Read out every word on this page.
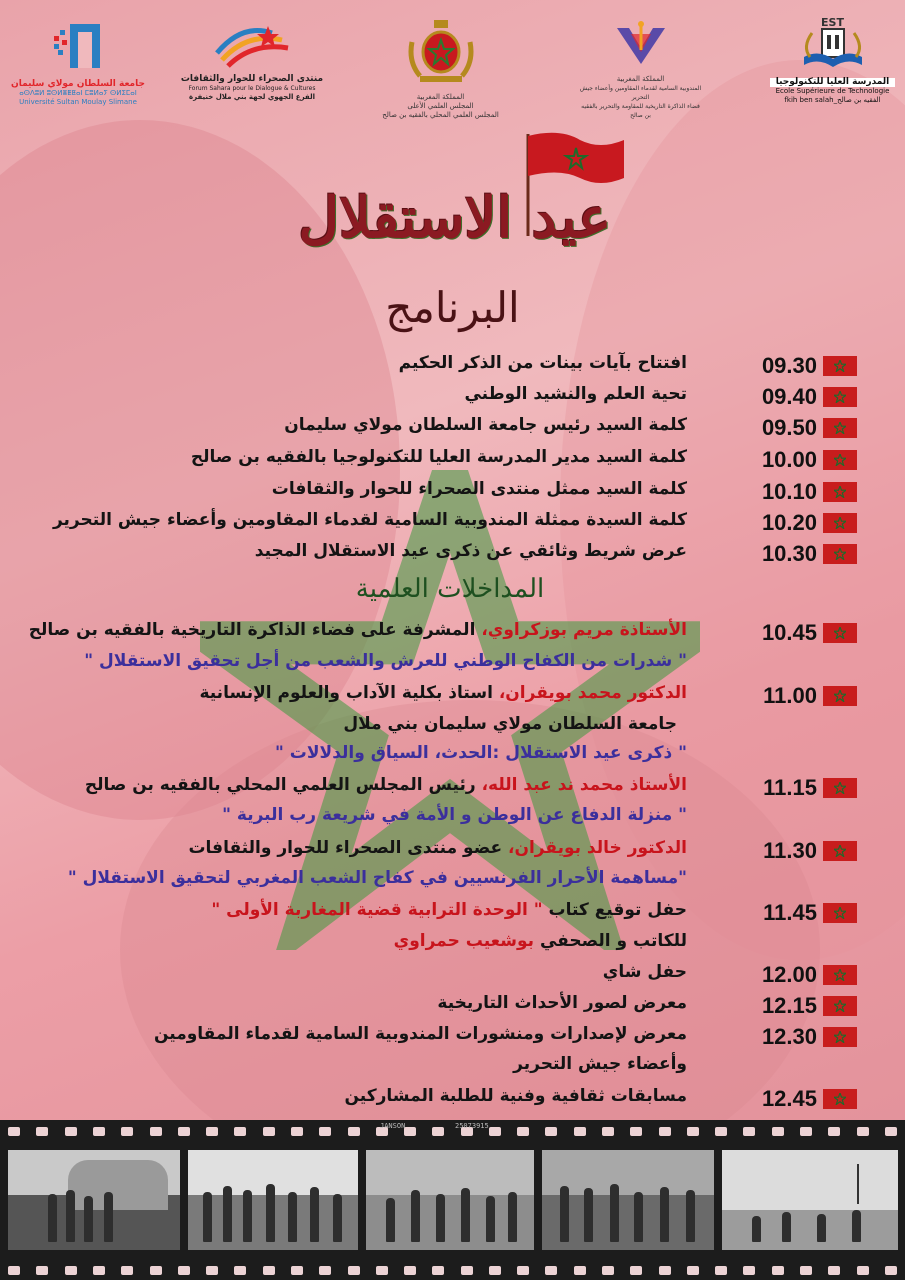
جامعة السلطان مولاي سليمان
ⴰⵙⴷⵓⵍ ⵓⵙⵍⴻⵟⵟⴰⵏ ⵎⵓⵍⴰⵢ ⵙⵍⵉⵎⴰⵏ
Université Sultan Moulay Slimane
منتدى الصحراء للحوار والثقافات
Forum Sahara pour le Dialogue & Cultures
الفرع الجهوي لجهة بني ملال خنيفرة	المملكة المغربية
المجلس العلمي الأعلى
المجلس العلمي المحلي بالفقيه بن صالح
المملكة المغربية
المندوبية السامية لقدماء المقاومين وأعضاء جيش التحرير
فضاء الذاكرة التاريخية للمقاومة والتحرير بالفقيه بن صالح
EST
المدرسة العليا للتكنولوجيا
Ecole Supérieure de Technologie
fkih ben salah_الفقيه بن صالح
عيد الاستقلال
البرنامج
09.30
افتتاح بآيات بينات من الذكر الحكيم
09.40
تحية العلم والنشيد الوطني
09.50
كلمة السيد رئيس جامعة السلطان مولاي سليمان
10.00
كلمة السيد مدير المدرسة العليا للتكنولوجيا بالفقيه بن صالح
10.10
كلمة السيد ممثل منتدى الصحراء للحوار والثقافات
10.20
كلمة السيدة ممثلة المندوبية السامية لقدماء المقاومين وأعضاء جيش التحرير
10.30
عرض شريط وثائقي عن ذكرى عيد الاستقلال المجيد
المداخلات العلمية
10.45
الأستاذة مريم بوزكراوي، المشرفة على فضاء الذاكرة التاريخية بالفقيه بن صالح
" شدرات من الكفاح الوطني للعرش والشعب من أجل تحقيق الاستقلال "
11.00
الدكتور محمد بويقران، استاذ بكلية الآداب والعلوم الإنسانية
جامعة السلطان مولاي سليمان بني ملال
" ذكرى عيد الاستقلال :الحدث، السياق والدلالات "
11.15
الأستاذ محمد ند عبد الله، رئيس المجلس العلمي المحلي بالفقيه بن صالح
" منزلة الدفاع عن الوطن و الأمة في شريعة رب البرية "
11.30
الدكتور خالد بويقران، عضو منتدى الصحراء للحوار والثقافات
"مساهمة الأحرار الفرنسيين في كفاح الشعب المغربي لتحقيق الاستقلال "
11.45
حفل توقيع كتاب " الوحدة الترابية قضية المغاربة الأولى "
للكاتب و الصحفي بوشعيب حمراوي
12.00
حفل شاي
12.15
معرض لصور الأحداث التاريخية
12.30
معرض لإصدارات ومنشورات المندوبية السامية لقدماء المقاومين
وأعضاء جيش التحرير
12.45
مسابقات ثقافية وفنية للطلبة المشاركين
JANSON	25073915
